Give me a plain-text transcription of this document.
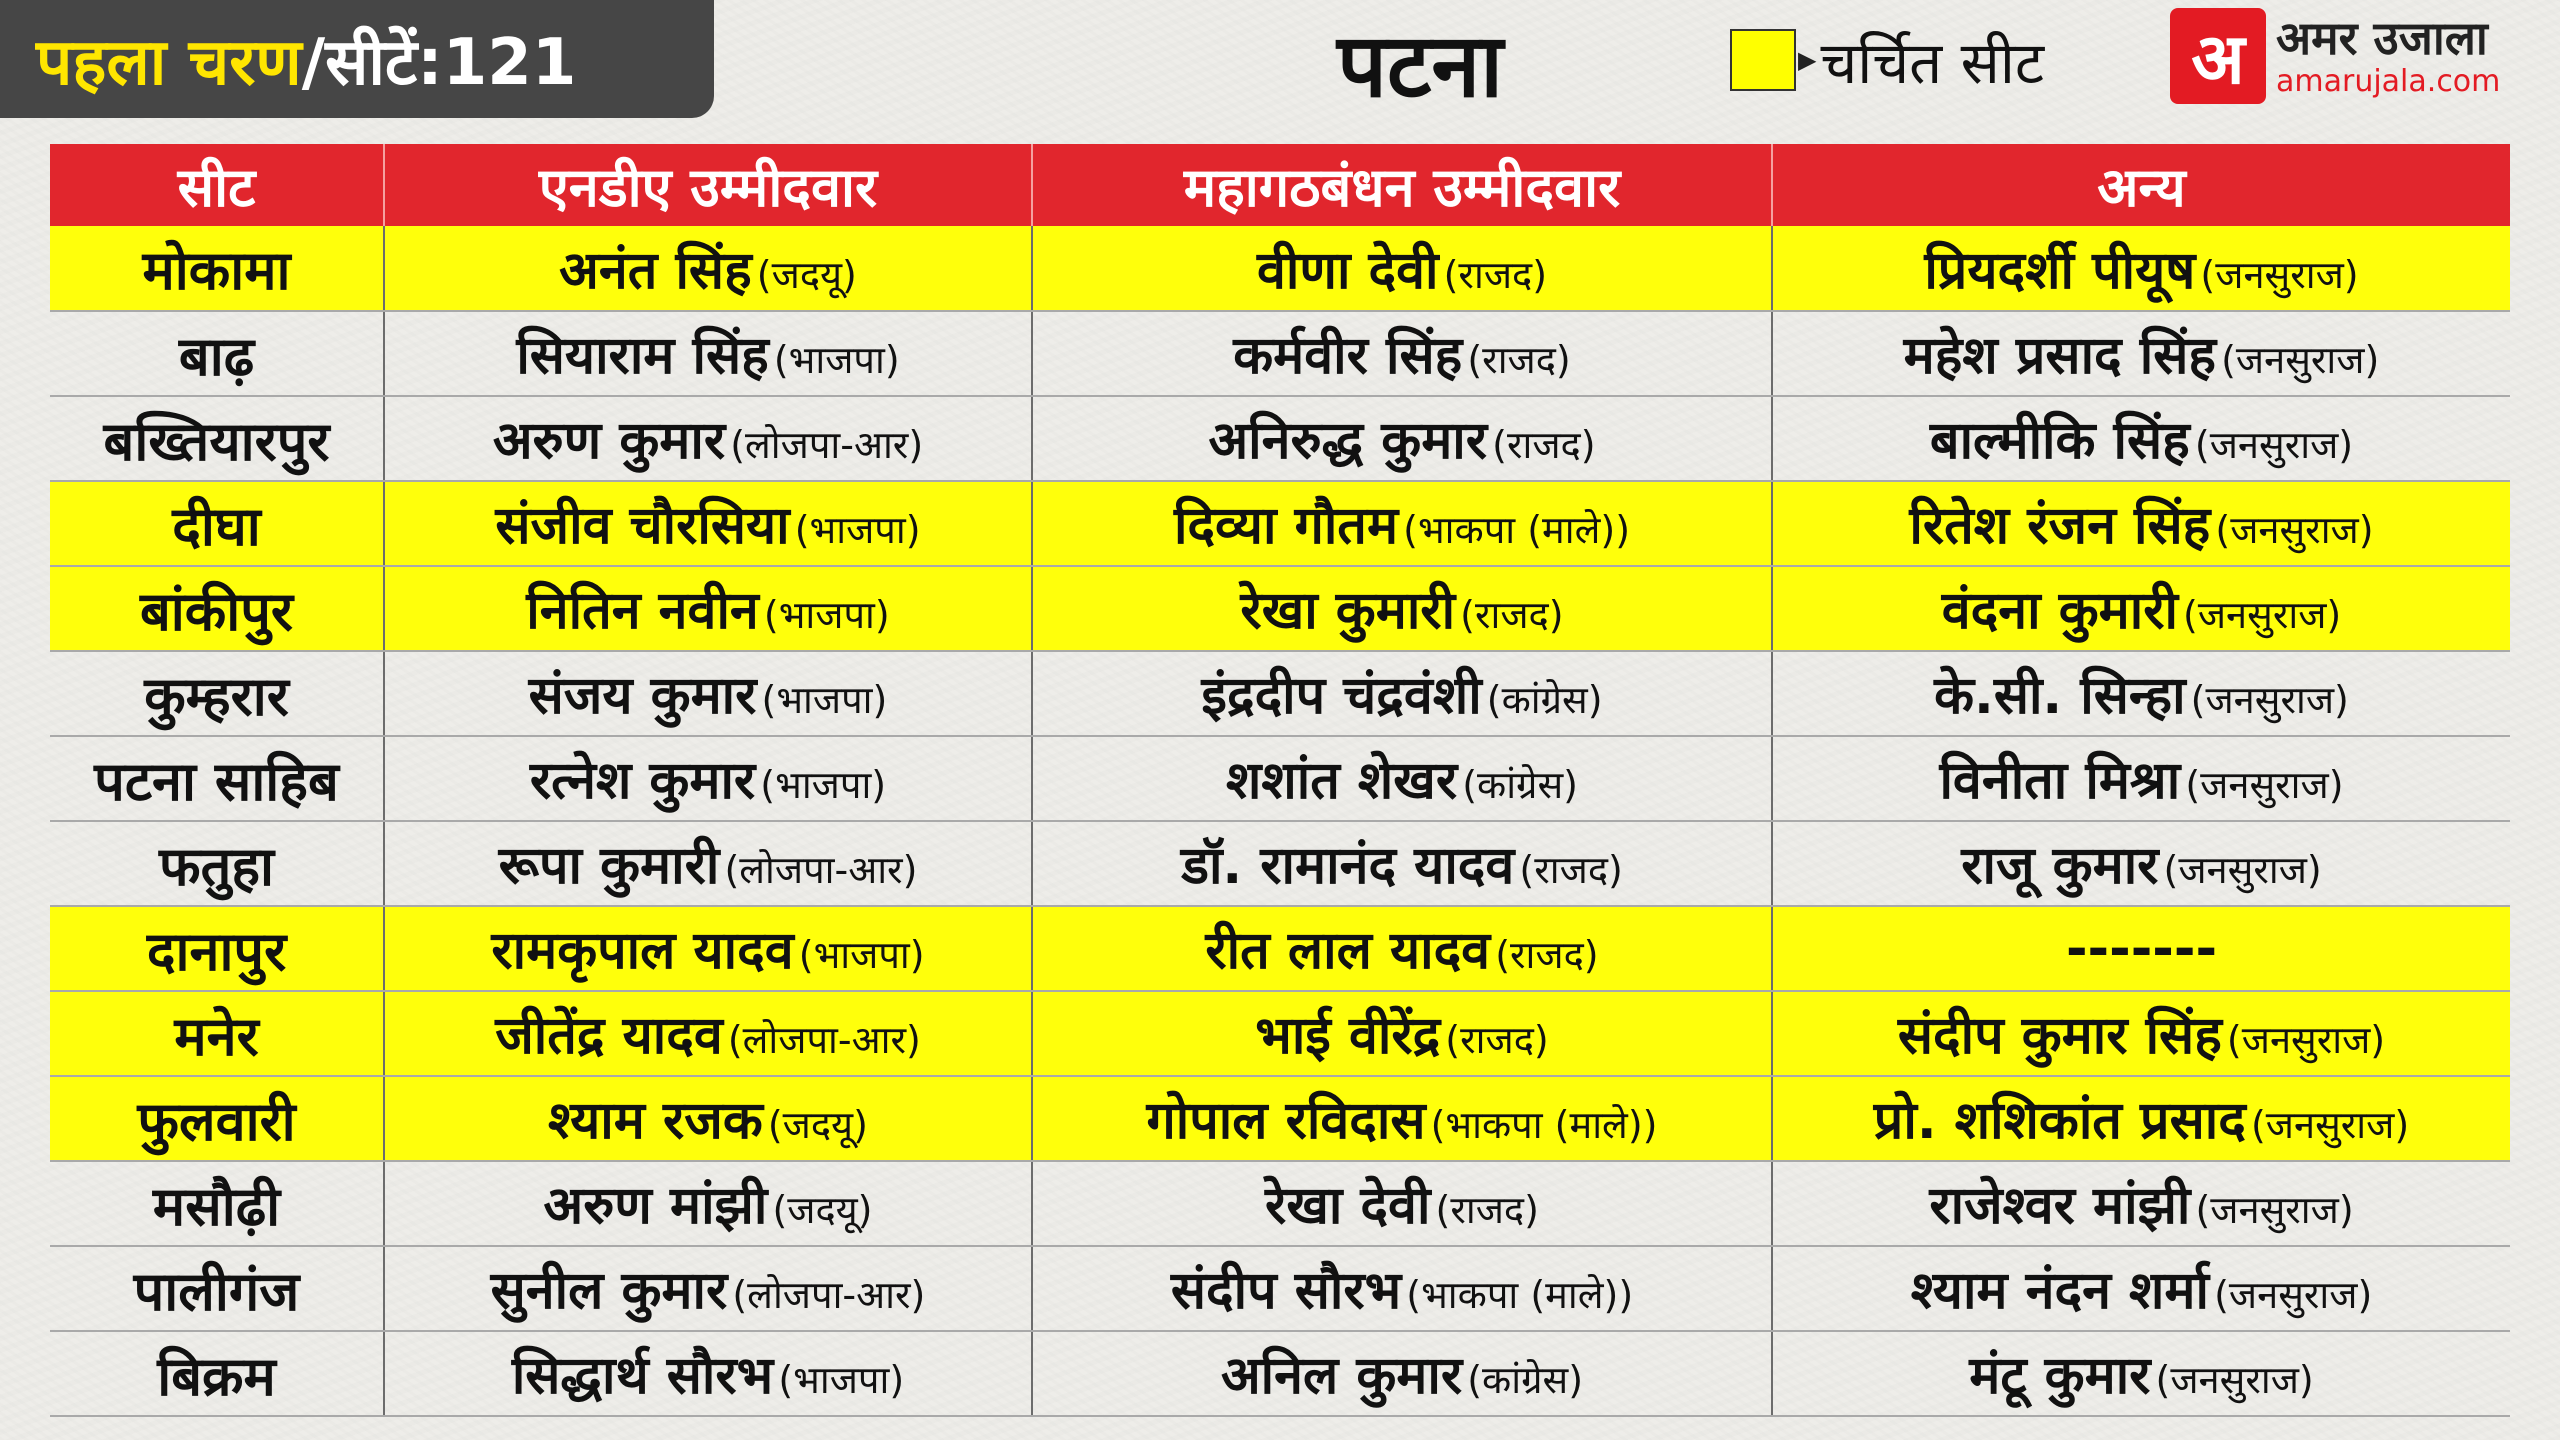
पहला चरण /सीटें:121	पटना	▶ चर्चित सीट	अ अमर उजाला
amarujala.com
सीट	एनडीए उम्मीदवार	महागठबंधन उम्मीदवार	अन्य
मोकामा	अनंत सिंह (जदयू)	वीणा देवी (राजद)	प्रियदर्शी पीयूष (जनसुराज)
बाढ़	सियाराम सिंह (भाजपा)	कर्मवीर सिंह (राजद)	महेश प्रसाद सिंह (जनसुराज)
बख्तियारपुर	अरुण कुमार (लोजपा-आर)	अनिरुद्ध कुमार (राजद)	बाल्मीकि सिंह (जनसुराज)
दीघा	संजीव चौरसिया (भाजपा)	दिव्या गौतम (भाकपा (माले))	रितेश रंजन सिंह (जनसुराज)
बांकीपुर	नितिन नवीन (भाजपा)	रेखा कुमारी (राजद)	वंदना कुमारी (जनसुराज)
कुम्हरार	संजय कुमार (भाजपा)	इंद्रदीप चंद्रवंशी (कांग्रेस)	के.सी. सिन्हा (जनसुराज)
पटना साहिब	रत्नेश कुमार (भाजपा)	शशांत शेखर (कांग्रेस)	विनीता मिश्रा (जनसुराज)
फतुहा	रूपा कुमारी (लोजपा-आर)	डॉ. रामानंद यादव (राजद)	राजू कुमार (जनसुराज)
दानापुर	रामकृपाल यादव (भाजपा)	रीत लाल यादव (राजद)	-------
मनेर	जीतेंद्र यादव (लोजपा-आर)	भाई वीरेंद्र (राजद)	संदीप कुमार सिंह (जनसुराज)
फुलवारी	श्याम रजक (जदयू)	गोपाल रविदास (भाकपा (माले))	प्रो. शशिकांत प्रसाद (जनसुराज)
मसौढ़ी	अरुण मांझी (जदयू)	रेखा देवी (राजद)	राजेश्वर मांझी (जनसुराज)
पालीगंज	सुनील कुमार (लोजपा-आर)	संदीप सौरभ (भाकपा (माले))	श्याम नंदन शर्मा (जनसुराज)
बिक्रम	सिद्धार्थ सौरभ (भाजपा)	अनिल कुमार (कांग्रेस)	मंटू कुमार (जनसुराज)
